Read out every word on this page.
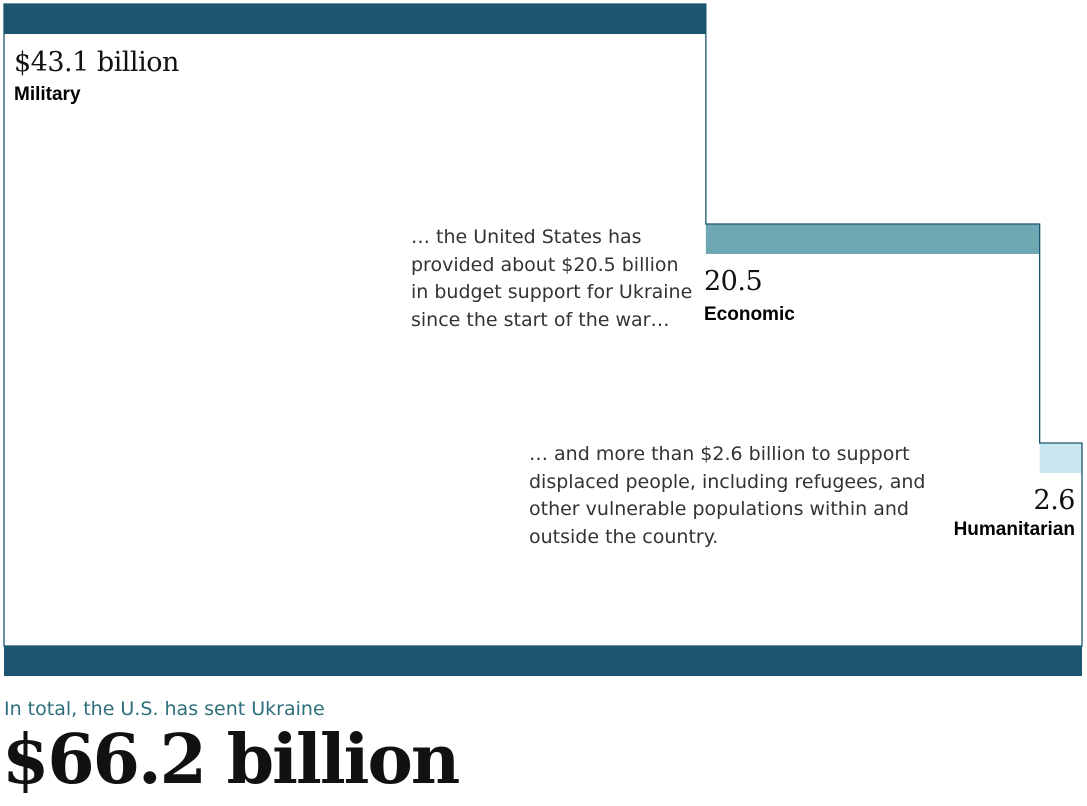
$43.1 billion
Military
20.5
Economic
2.6
Humanitarian

… the United States has provided about $20.5 billion in budget support for Ukraine since the start of the war…

… and more than $2.6 billion to support displaced people, including refugees, and other vulnerable populations within and outside the country.

In total, the U.S. has sent Ukraine

$66.2 billion
